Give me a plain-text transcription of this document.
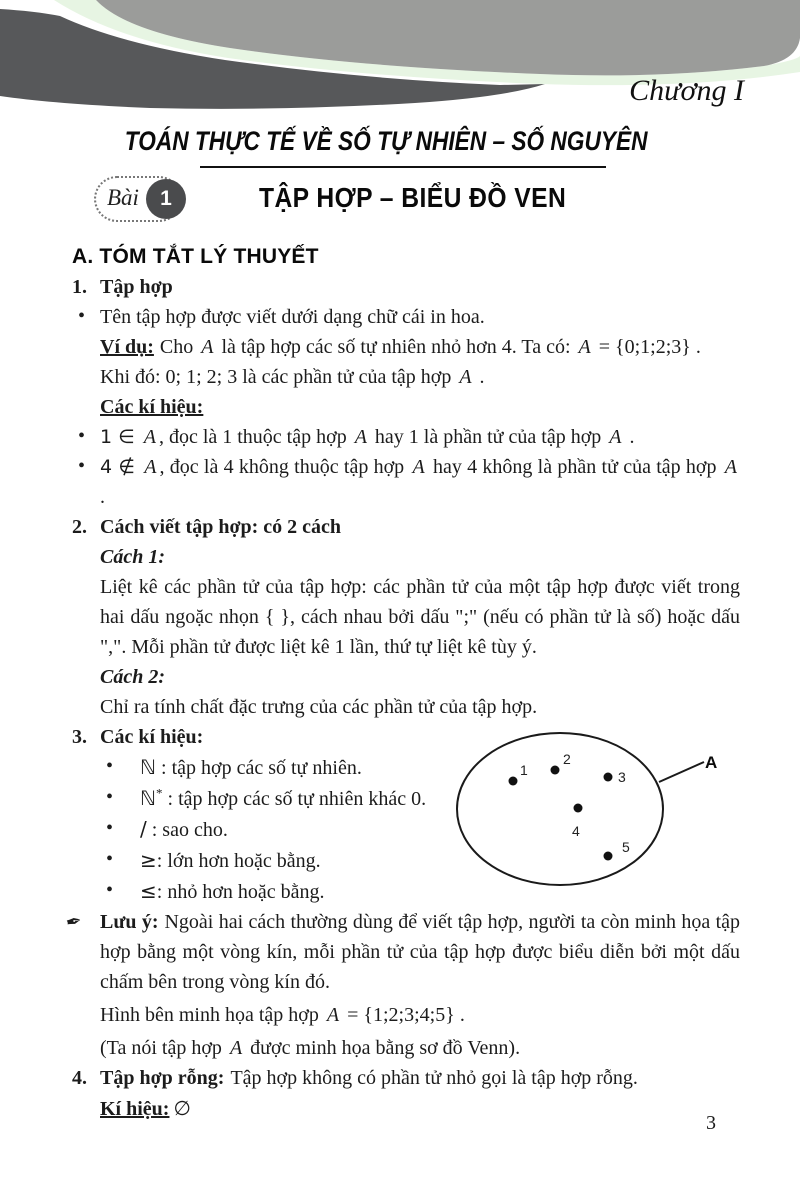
Chương I
TOÁN THỰC TẾ VỀ SỐ TỰ NHIÊN – SỐ NGUYÊN
Bài	1	TẬP HỢP – BIỂU ĐỒ VEN
A. TÓM TẮT LÝ THUYẾT
1. Tập hợp
• Tên tập hợp được viết dưới dạng chữ cái in hoa.
Ví dụ: Cho A là tập hợp các số tự nhiên nhỏ hơn 4. Ta có: A = {0;1;2;3} .
Khi đó: 0; 1; 2; 3 là các phần tử của tập hợp A .
Các kí hiệu:
• 1 ∈ A , đọc là 1 thuộc tập hợp A hay 1 là phần tử của tập hợp A .
• 4 ∉ A , đọc là 4 không thuộc tập hợp A hay 4 không là phần tử của tập hợp A .
2. Cách viết tập hợp: có 2 cách
Cách 1:
Liệt kê các phần tử của tập hợp: các phần tử của một tập hợp được viết trong hai dấu ngoặc nhọn { }, cách nhau bởi dấu ";" (nếu có phần tử là số) hoặc dấu ",". Mỗi phần tử được liệt kê 1 lần, thứ tự liệt kê tùy ý.
Cách 2:
Chỉ ra tính chất đặc trưng của các phần tử của tập hợp.
3. Các kí hiệu:
• ℕ : tập hợp các số tự nhiên.
• ℕ* : tập hợp các số tự nhiên khác 0.
• / : sao cho.
• ≥: lớn hơn hoặc bằng.
• ≤: nhỏ hơn hoặc bằng.
✒ Lưu ý: Ngoài hai cách thường dùng để viết tập hợp, người ta còn minh họa tập hợp bằng một vòng kín, mỗi phần tử của tập hợp được biểu diễn bởi một dấu chấm bên trong vòng kín đó.
Hình bên minh họa tập hợp A = {1;2;3;4;5} .
(Ta nói tập hợp A được minh họa bằng sơ đồ Venn).
4. Tập hợp rỗng: Tập hợp không có phần tử nhỏ gọi là tập hợp rỗng.
Kí hiệu: ∅
A
1
2
3
4
5
3
